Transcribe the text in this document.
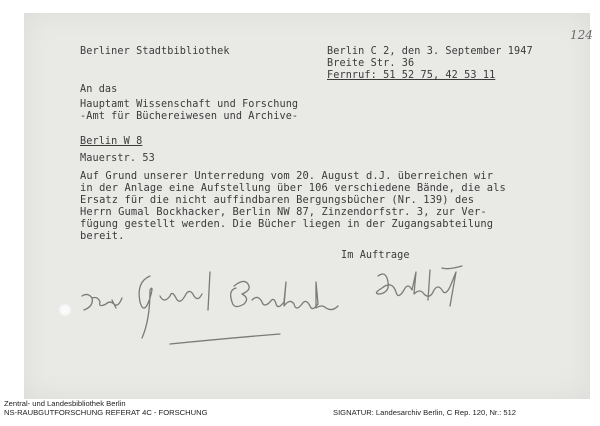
124
Berliner Stadtbibliothek	Berlin C 2, den 3. September 1947
Breite Str. 36
Fernruf: 51 52 75, 42 53 11
An das
Hauptamt Wissenschaft und Forschung
-Amt für Büchereiwesen und Archive-
Berlin W 8
Mauerstr. 53
Auf Grund unserer Unterredung vom 20. August d.J. überreichen wir
in der Anlage eine Aufstellung über 106 verschiedene Bände, die als
Ersatz für die nicht auffindbaren Bergungsbücher (Nr. 139) des
Herrn Gumal Bockhacker, Berlin NW 87, Zinzendorfstr. 3, zur Ver-
fügung gestellt werden. Die Bücher liegen in der Zugangsabteilung
bereit.
Im Auftrage
Zentral- und Landesbibliothek Berlin
NS-RAUBGUTFORSCHUNG REFERAT 4C - FORSCHUNG	SIGNATUR: Landesarchiv Berlin, C Rep. 120, Nr.: 512
